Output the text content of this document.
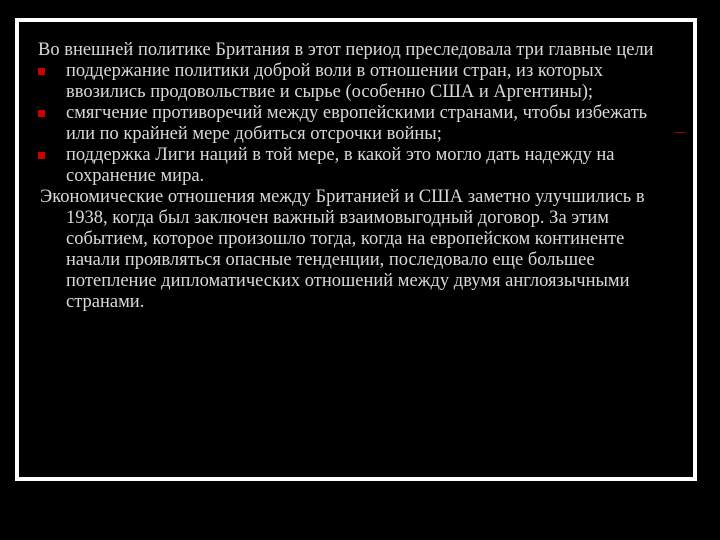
Во внешней политике Британия в этот период преследовала три главные цели

поддержание политики доброй воли в отношении стран, из которых ввозились продовольствие и сырье (особенно США и Аргентины);
смягчение противоречий между европейскими странами, чтобы избежать или по крайней мере добиться отсрочки войны;
поддержка Лиги наций в той мере, в какой это могло дать надежду на сохранение мира.

Экономические отношения между Британией и США заметно улучшились в 1938, когда был заключен важный взаимовыгодный договор. За этим событием, которое произошло тогда, когда на европейском континенте начали проявляться опасные тенденции, последовало еще большее потепление дипломатических отношений между двумя англоязычными странами.
